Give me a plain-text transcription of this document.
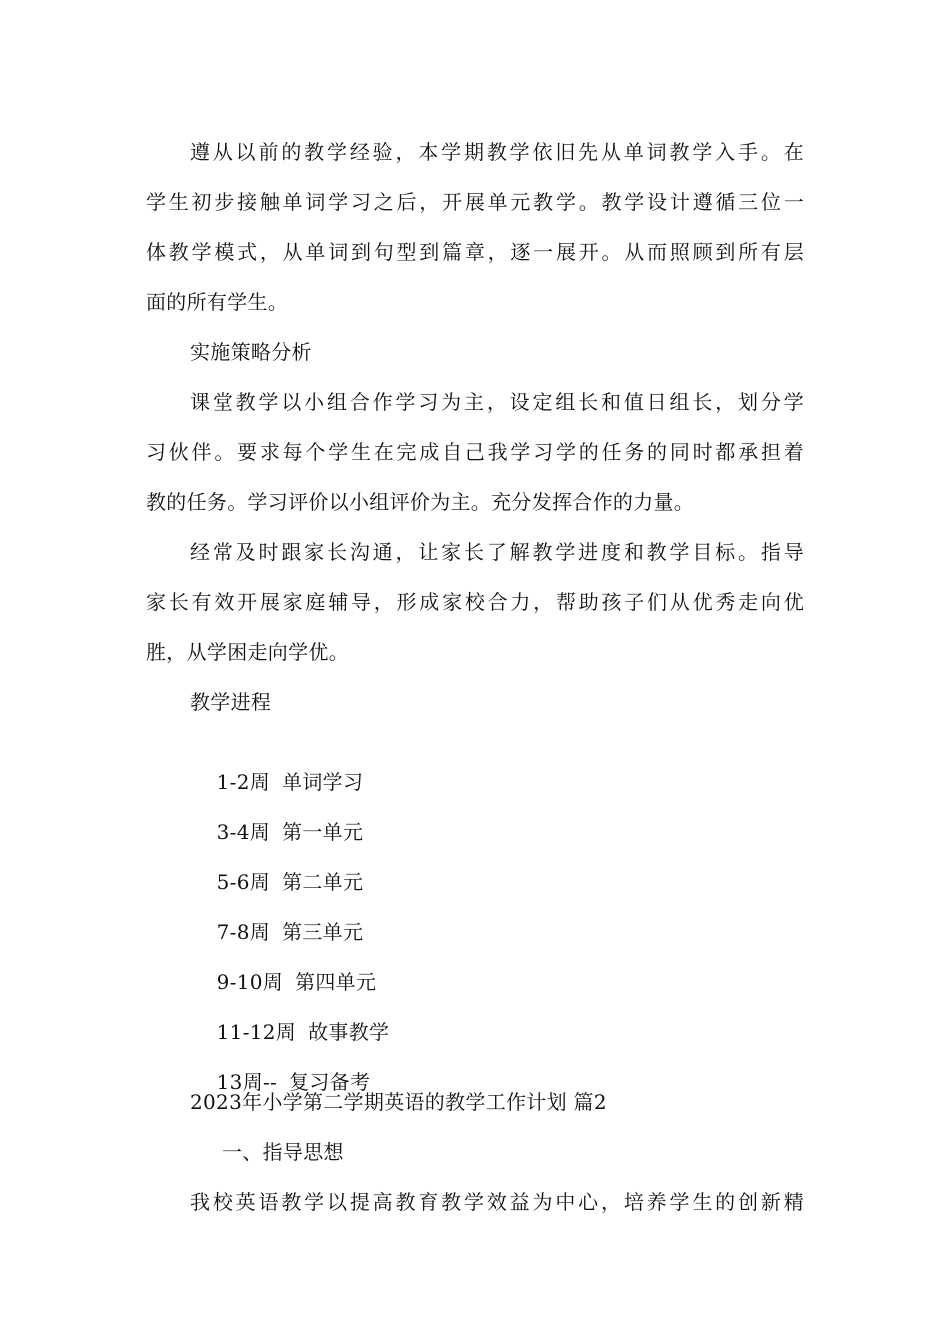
遵从以前的教学经验，本学期教学依旧先从单词教学入手。在
学生初步接触单词学习之后，开展单元教学。教学设计遵循三位一
体教学模式，从单词到句型到篇章，逐一展开。从而照顾到所有层
面的所有学生。
实施策略分析
课堂教学以小组合作学习为主，设定组长和值日组长，划分学
习伙伴。要求每个学生在完成自己我学习学的任务的同时都承担着
教的任务。学习评价以小组评价为主。充分发挥合作的力量。
经常及时跟家长沟通，让家长了解教学进度和教学目标。指导
家长有效开展家庭辅导，形成家校合力，帮助孩子们从优秀走向优
胜，从学困走向学优。
教学进程

1-2周 单词学习

3-4周 第一单元

5-6周 第二单元

7-8周 第三单元

9-10周 第四单元

11-12周 故事教学

13周-- 复习备考

2023年小学第二学期英语的教学工作计划 篇2
一、指导思想
我校英语教学以提高教育教学效益为中心，培养学生的创新精
